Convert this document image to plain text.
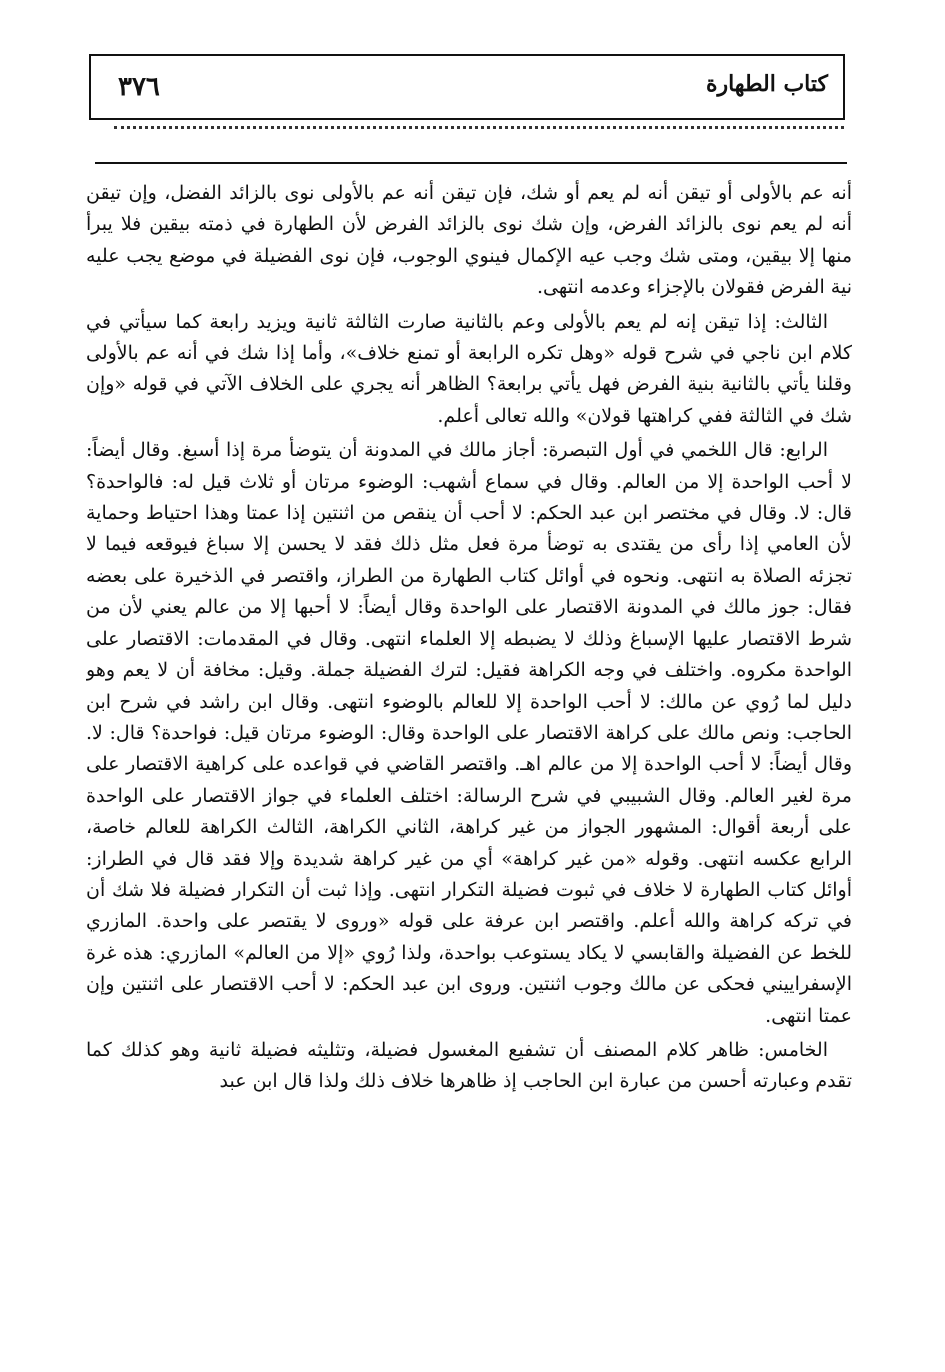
٣٧٦	كتاب الطهارة

أنه عم بالأولى أو تيقن أنه لم يعم أو شك، فإن تيقن أنه عم بالأولى نوى بالزائد الفضل، وإن تيقن أنه لم يعم نوى بالزائد الفرض، وإن شك نوى بالزائد الفرض لأن الطهارة في ذمته بيقين فلا يبرأ منها إلا بيقين، ومتى شك وجب عيه الإكمال فينوي الوجوب، فإن نوى الفضيلة في موضع يجب عليه نية الفرض فقولان بالإجزاء وعدمه انتهى.

الثالث: إذا تيقن إنه لم يعم بالأولى وعم بالثانية صارت الثالثة ثانية ويزيد رابعة كما سيأتي في كلام ابن ناجي في شرح قوله «وهل تكره الرابعة أو تمنع خلاف»، وأما إذا شك في أنه عم بالأولى وقلنا يأتي بالثانية بنية الفرض فهل يأتي برابعة؟ الظاهر أنه يجري على الخلاف الآتي في قوله «وإن شك في الثالثة ففي كراهتها قولان» والله تعالى أعلم.

الرابع: قال اللخمي في أول التبصرة: أجاز مالك في المدونة أن يتوضأ مرة إذا أسبغ. وقال أيضاً: لا أحب الواحدة إلا من العالم. وقال في سماع أشهب: الوضوء مرتان أو ثلاث قيل له: فالواحدة؟ قال: لا. وقال في مختصر ابن عبد الحكم: لا أحب أن ينقص من اثنتين إذا عمتا وهذا احتياط وحماية لأن العامي إذا رأى من يقتدى به توضأ مرة فعل مثل ذلك فقد لا يحسن إلا سباغ فيوقعه فيما لا تجزئه الصلاة به انتهى. ونحوه في أوائل كتاب الطهارة من الطراز، واقتصر في الذخيرة على بعضه فقال: جوز مالك في المدونة الاقتصار على الواحدة وقال أيضاً: لا أحبها إلا من عالم يعني لأن من شرط الاقتصار عليها الإسباغ وذلك لا يضبطه إلا العلماء انتهى. وقال في المقدمات: الاقتصار على الواحدة مكروه. واختلف في وجه الكراهة فقيل: لترك الفضيلة جملة. وقيل: مخافة أن لا يعم وهو دليل لما رُوي عن مالك: لا أحب الواحدة إلا للعالم بالوضوء انتهى. وقال ابن راشد في شرح ابن الحاجب: ونص مالك على كراهة الاقتصار على الواحدة وقال: الوضوء مرتان قيل: فواحدة؟ قال: لا. وقال أيضاً: لا أحب الواحدة إلا من عالم اهـ. واقتصر القاضي في قواعده على كراهية الاقتصار على مرة لغير العالم. وقال الشبيبي في شرح الرسالة: اختلف العلماء في جواز الاقتصار على الواحدة على أربعة أقوال: المشهور الجواز من غير كراهة، الثاني الكراهة، الثالث الكراهة للعالم خاصة، الرابع عكسه انتهى. وقوله «من غير كراهة» أي من غير كراهة شديدة وإلا فقد قال في الطراز: أوائل كتاب الطهارة لا خلاف في ثبوت فضيلة التكرار انتهى. وإذا ثبت أن التكرار فضيلة فلا شك أن في تركه كراهة والله أعلم. واقتصر ابن عرفة على قوله «وروى لا يقتصر على واحدة. المازري للخط عن الفضيلة والقابسي لا يكاد يستوعب بواحدة، ولذا رُوي «إلا من العالم» المازري: هذه غرة الإسفراييني فحكى عن مالك وجوب اثنتين. وروى ابن عبد الحكم: لا أحب الاقتصار على اثنتين وإن عمتا انتهى.

الخامس: ظاهر كلام المصنف أن تشفيع المغسول فضيلة، وتثليثه فضيلة ثانية وهو كذلك كما تقدم وعبارته أحسن من عبارة ابن الحاجب إذ ظاهرها خلاف ذلك ولذا قال ابن عبد
